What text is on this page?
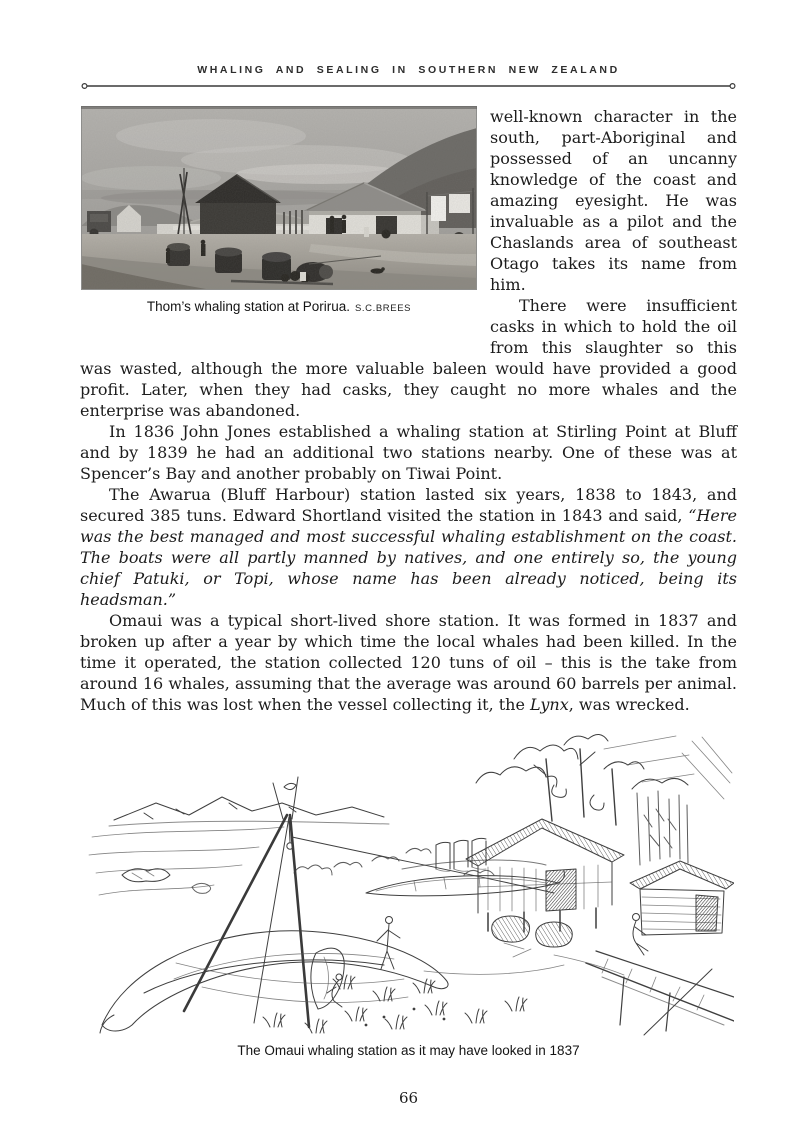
WHALING AND SEALING IN SOUTHERN NEW ZEALAND
Thom’s whaling station at Porirua. S.C.BREES

well-known character in the south, part-Aboriginal and possessed of an uncanny knowledge of the coast and amazing eyesight. He was invaluable as a pilot and the Chaslands area of southeast Otago takes its name from him.

There were insufficient casks in which to hold the oil from this slaughter so this was wasted, although the more valuable baleen would have provided a good profit. Later, when they had casks, they caught no more whales and the enterprise was abandoned.

In 1836 John Jones established a whaling station at Stirling Point at Bluff and by 1839 he had an additional two stations nearby. One of these was at Spencer’s Bay and another probably on Tiwai Point.

The Awarua (Bluff Harbour) station lasted six years, 1838 to 1843, and secured 385 tuns. Edward Shortland visited the station in 1843 and said, “Here was the best managed and most successful whaling establishment on the coast. The boats were all partly manned by natives, and one entirely so, the young chief Patuki, or Topi, whose name has been already noticed, being its headsman.”

Omaui was a typical short-lived shore station. It was formed in 1837 and broken up after a year by which time the local whales had been killed. In the time it operated, the station collected 120 tuns of oil – this is the take from around 16 whales, assuming that the average was around 60 barrels per animal. Much of this was lost when the vessel collecting it, the Lynx, was wrecked.

The Omaui whaling station as it may have looked in 1837
66
